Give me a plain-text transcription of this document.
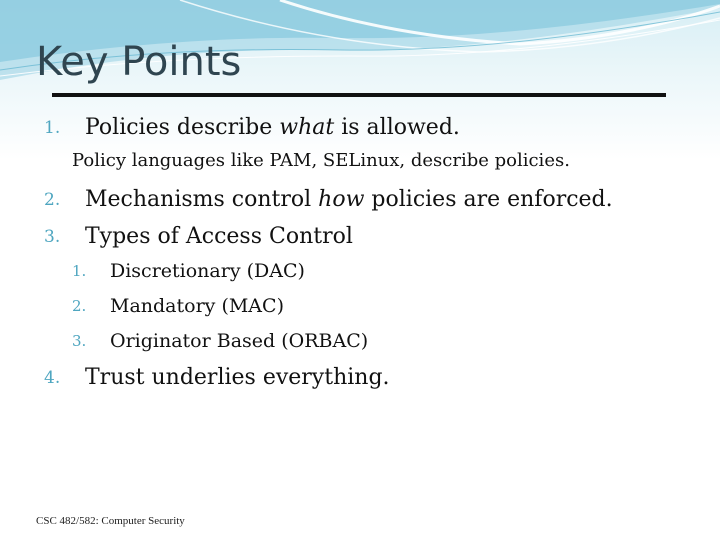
Key Points
1. Policies describe what is allowed.
Policy languages like PAM, SELinux, describe policies.
2. Mechanisms control how policies are enforced.
3. Types of Access Control
1. Discretionary (DAC)
2. Mandatory (MAC)
3. Originator Based (ORBAC)
4. Trust underlies everything.
CSC 482/582: Computer Security
